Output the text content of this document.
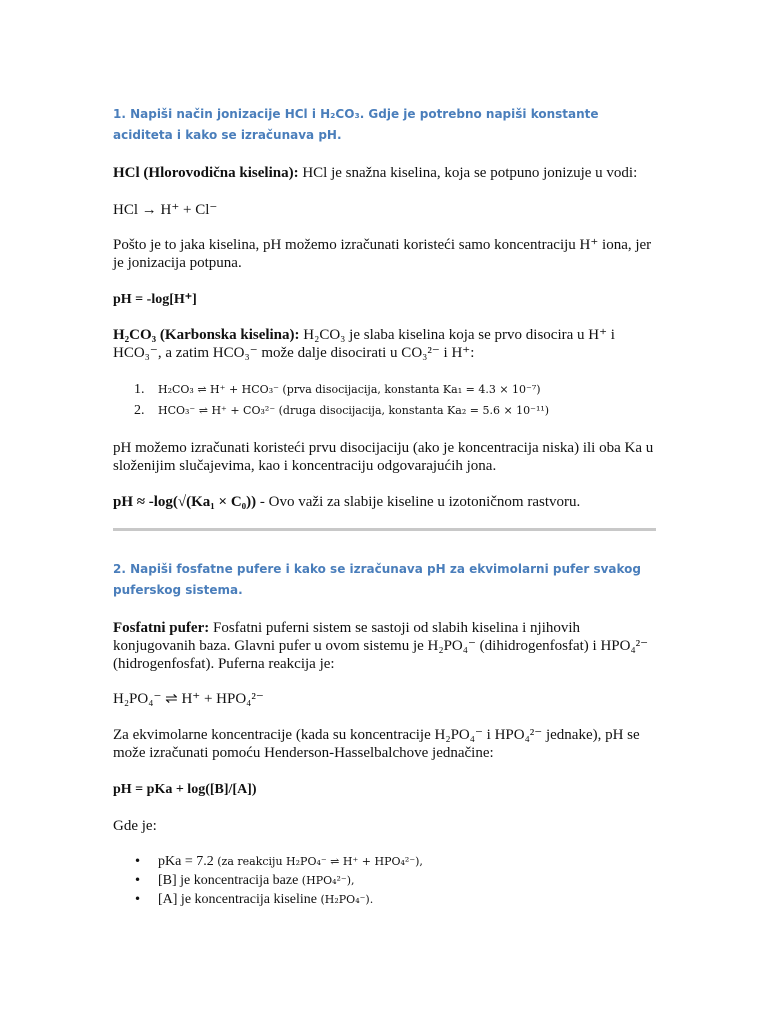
1. Napiši način jonizacije HCl i H₂CO₃. Gdje je potrebno napiši konstante aciditeta i kako se izračunava pH.
HCl (Hlorovodična kiselina): HCl je snažna kiselina, koja se potpuno jonizuje u vodi:
HCl → H⁺ + Cl⁻
Pošto je to jaka kiselina, pH možemo izračunati koristeći samo koncentraciju H⁺ iona, jer je jonizacija potpuna.
pH = -log[H⁺]
H₂CO₃ (Karbonska kiselina): H₂CO₃ je slaba kiselina koja se prvo disocira u H⁺ i HCO₃⁻, a zatim HCO₃⁻ može dalje disocirati u CO₃²⁻ i H⁺:
1. H₂CO₃ ⇌ H⁺ + HCO₃⁻ (prva disocijacija, konstanta Ka₁ = 4.3 × 10⁻⁷)
2. HCO₃⁻ ⇌ H⁺ + CO₃²⁻ (druga disocijacija, konstanta Ka₂ = 5.6 × 10⁻¹¹)
pH možemo izračunati koristeći prvu disocijaciju (ako je koncentracija niska) ili oba Ka u složenijim slučajevima, kao i koncentraciju odgovarajućih jona.
pH ≈ -log(√(Ka₁ × C₀)) - Ovo važi za slabije kiseline u izotoničnom rastvoru.
2. Napiši fosfatne pufere i kako se izračunava pH za ekvimolarni pufer svakog puferskog sistema.
Fosfatni pufer: Fosfatni puferni sistem se sastoji od slabih kiselina i njihovih konjugovanih baza. Glavni pufer u ovom sistemu je H₂PO₄⁻ (dihidrogenfosfat) i HPO₄²⁻ (hidrogenfosfat). Puferna reakcija je:
H₂PO₄⁻ ⇌ H⁺ + HPO₄²⁻
Za ekvimolarne koncentracije (kada su koncentracije H₂PO₄⁻ i HPO₄²⁻ jednake), pH se može izračunati pomoću Henderson-Hasselbalchove jednačine:
pH = pKa + log([B]/[A])
Gde je:
• pKa = 7.2 (za reakciju H₂PO₄⁻ ⇌ H⁺ + HPO₄²⁻),
• [B] je koncentracija baze (HPO₄²⁻),
• [A] je koncentracija kiseline (H₂PO₄⁻).
